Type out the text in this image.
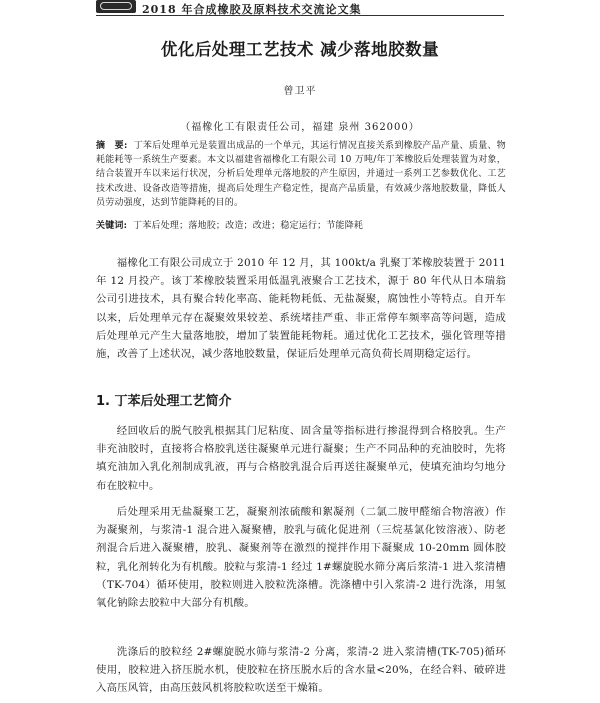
2018 年合成橡胶及原料技术交流论文集
优化后处理工艺技术 减少落地胶数量
曾卫平
（福橡化工有限责任公司，福建 泉州 362000）
摘　要: 丁苯后处理单元是装置出成品的一个单元，其运行情况直接关系到橡胶产品产量、质量、物耗能耗等一系统生产要素。本文以福建省福橡化工有限公司 10 万吨/年丁苯橡胶后处理装置为对象，结合装置开车以来运行状况，分析后处理单元落地胶的产生原因，并通过一系列工艺参数优化、工艺技术改进、设备改造等措施，提高后处理生产稳定性，提高产品质量，有效减少落地胶数量，降低人员劳动强度，达到节能降耗的目的。
关键词: 丁苯后处理；落地胶；改造；改进；稳定运行；节能降耗
福橡化工有限公司成立于 2010 年 12 月，其 100kt/a 乳聚丁苯橡胶装置于 2011 年 12 月投产。该丁苯橡胶装置采用低温乳液聚合工艺技术，源于 80 年代从日本瑞翁公司引进技术，具有聚合转化率高、能耗物耗低、无盐凝聚，腐蚀性小等特点。自开车以来，后处理单元存在凝聚效果较差、系统堵挂严重、非正常停车频率高等问题，造成后处理单元产生大量落地胶，增加了装置能耗物耗。通过优化工艺技术，强化管理等措施，改善了上述状况，减少落地胶数量，保证后处理单元高负荷长周期稳定运行。
1. 丁苯后处理工艺简介
经回收后的脱气胶乳根据其门尼粘度、固含量等指标进行掺混得到合格胶乳。生产非充油胶时，直接将合格胶乳送往凝聚单元进行凝聚；生产不同品种的充油胶时，先将填充油加入乳化剂制成乳液，再与合格胶乳混合后再送往凝聚单元，使填充油均匀地分布在胶粒中。
后处理采用无盐凝聚工艺，凝聚剂浓硫酸和絮凝剂（二氯二胺甲醛缩合物溶液）作为凝聚剂，与浆清-1 混合进入凝聚槽，胶乳与硫化促进剂（三烷基氯化铵溶液）、防老剂混合后进入凝聚槽，胶乳、凝聚剂等在激烈的搅拌作用下凝聚成 10-20mm 圆体胶粒，乳化剂转化为有机酸。胶粒与浆清-1 经过 1#螺旋脱水筛分离后浆清-1 进入浆清槽（TK-704）循环使用，胶粒则进入胶粒洗涤槽。洗涤槽中引入浆清-2 进行洗涤，用氢氧化钠除去胶粒中大部分有机酸。
洗涤后的胶粒经 2#螺旋脱水筛与浆清-2 分离，浆清-2 进入浆清槽(TK-705)循环使用，胶粒进入挤压脱水机，使胶粒在挤压脱水后的含水量<20%，在经合料、破碎进入高压风管，由高压鼓风机将胶粒吹送至干燥箱。
